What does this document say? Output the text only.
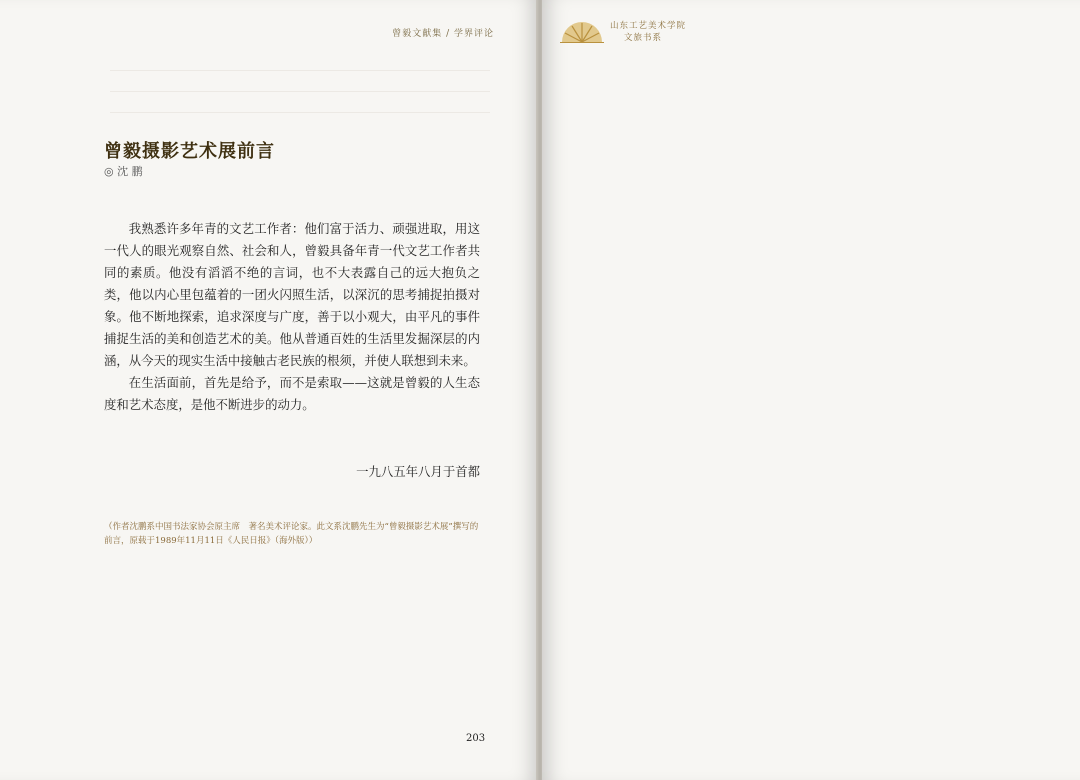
曾毅文献集 / 学界评论
曾毅摄影艺术展前言
◎ 沈 鹏

我熟悉许多年青的文艺工作者：他们富于活力、顽强进取，用这一代人的眼光观察自然、社会和人，曾毅具备年青一代文艺工作者共同的素质。他没有滔滔不绝的言词，也不大表露自己的远大抱负之类，他以内心里包蕴着的一团火闪照生活，以深沉的思考捕捉拍摄对象。他不断地探索，追求深度与广度，善于以小观大，由平凡的事件捕捉生活的美和创造艺术的美。他从普通百姓的生活里发掘深层的内涵，从今天的现实生活中接触古老民族的根须，并使人联想到未来。

在生活面前，首先是给予，而不是索取——这就是曾毅的人生态度和艺术态度，是他不断进步的动力。

一九八五年八月于首都
（作者沈鹏系中国书法家协会原主席　著名美术评论家。此文系沈鹏先生为“曾毅摄影艺术展”撰写的前言，原载于1989年11月11日《人民日报》（海外版））
203
山东工艺美术学院
文旅书系
